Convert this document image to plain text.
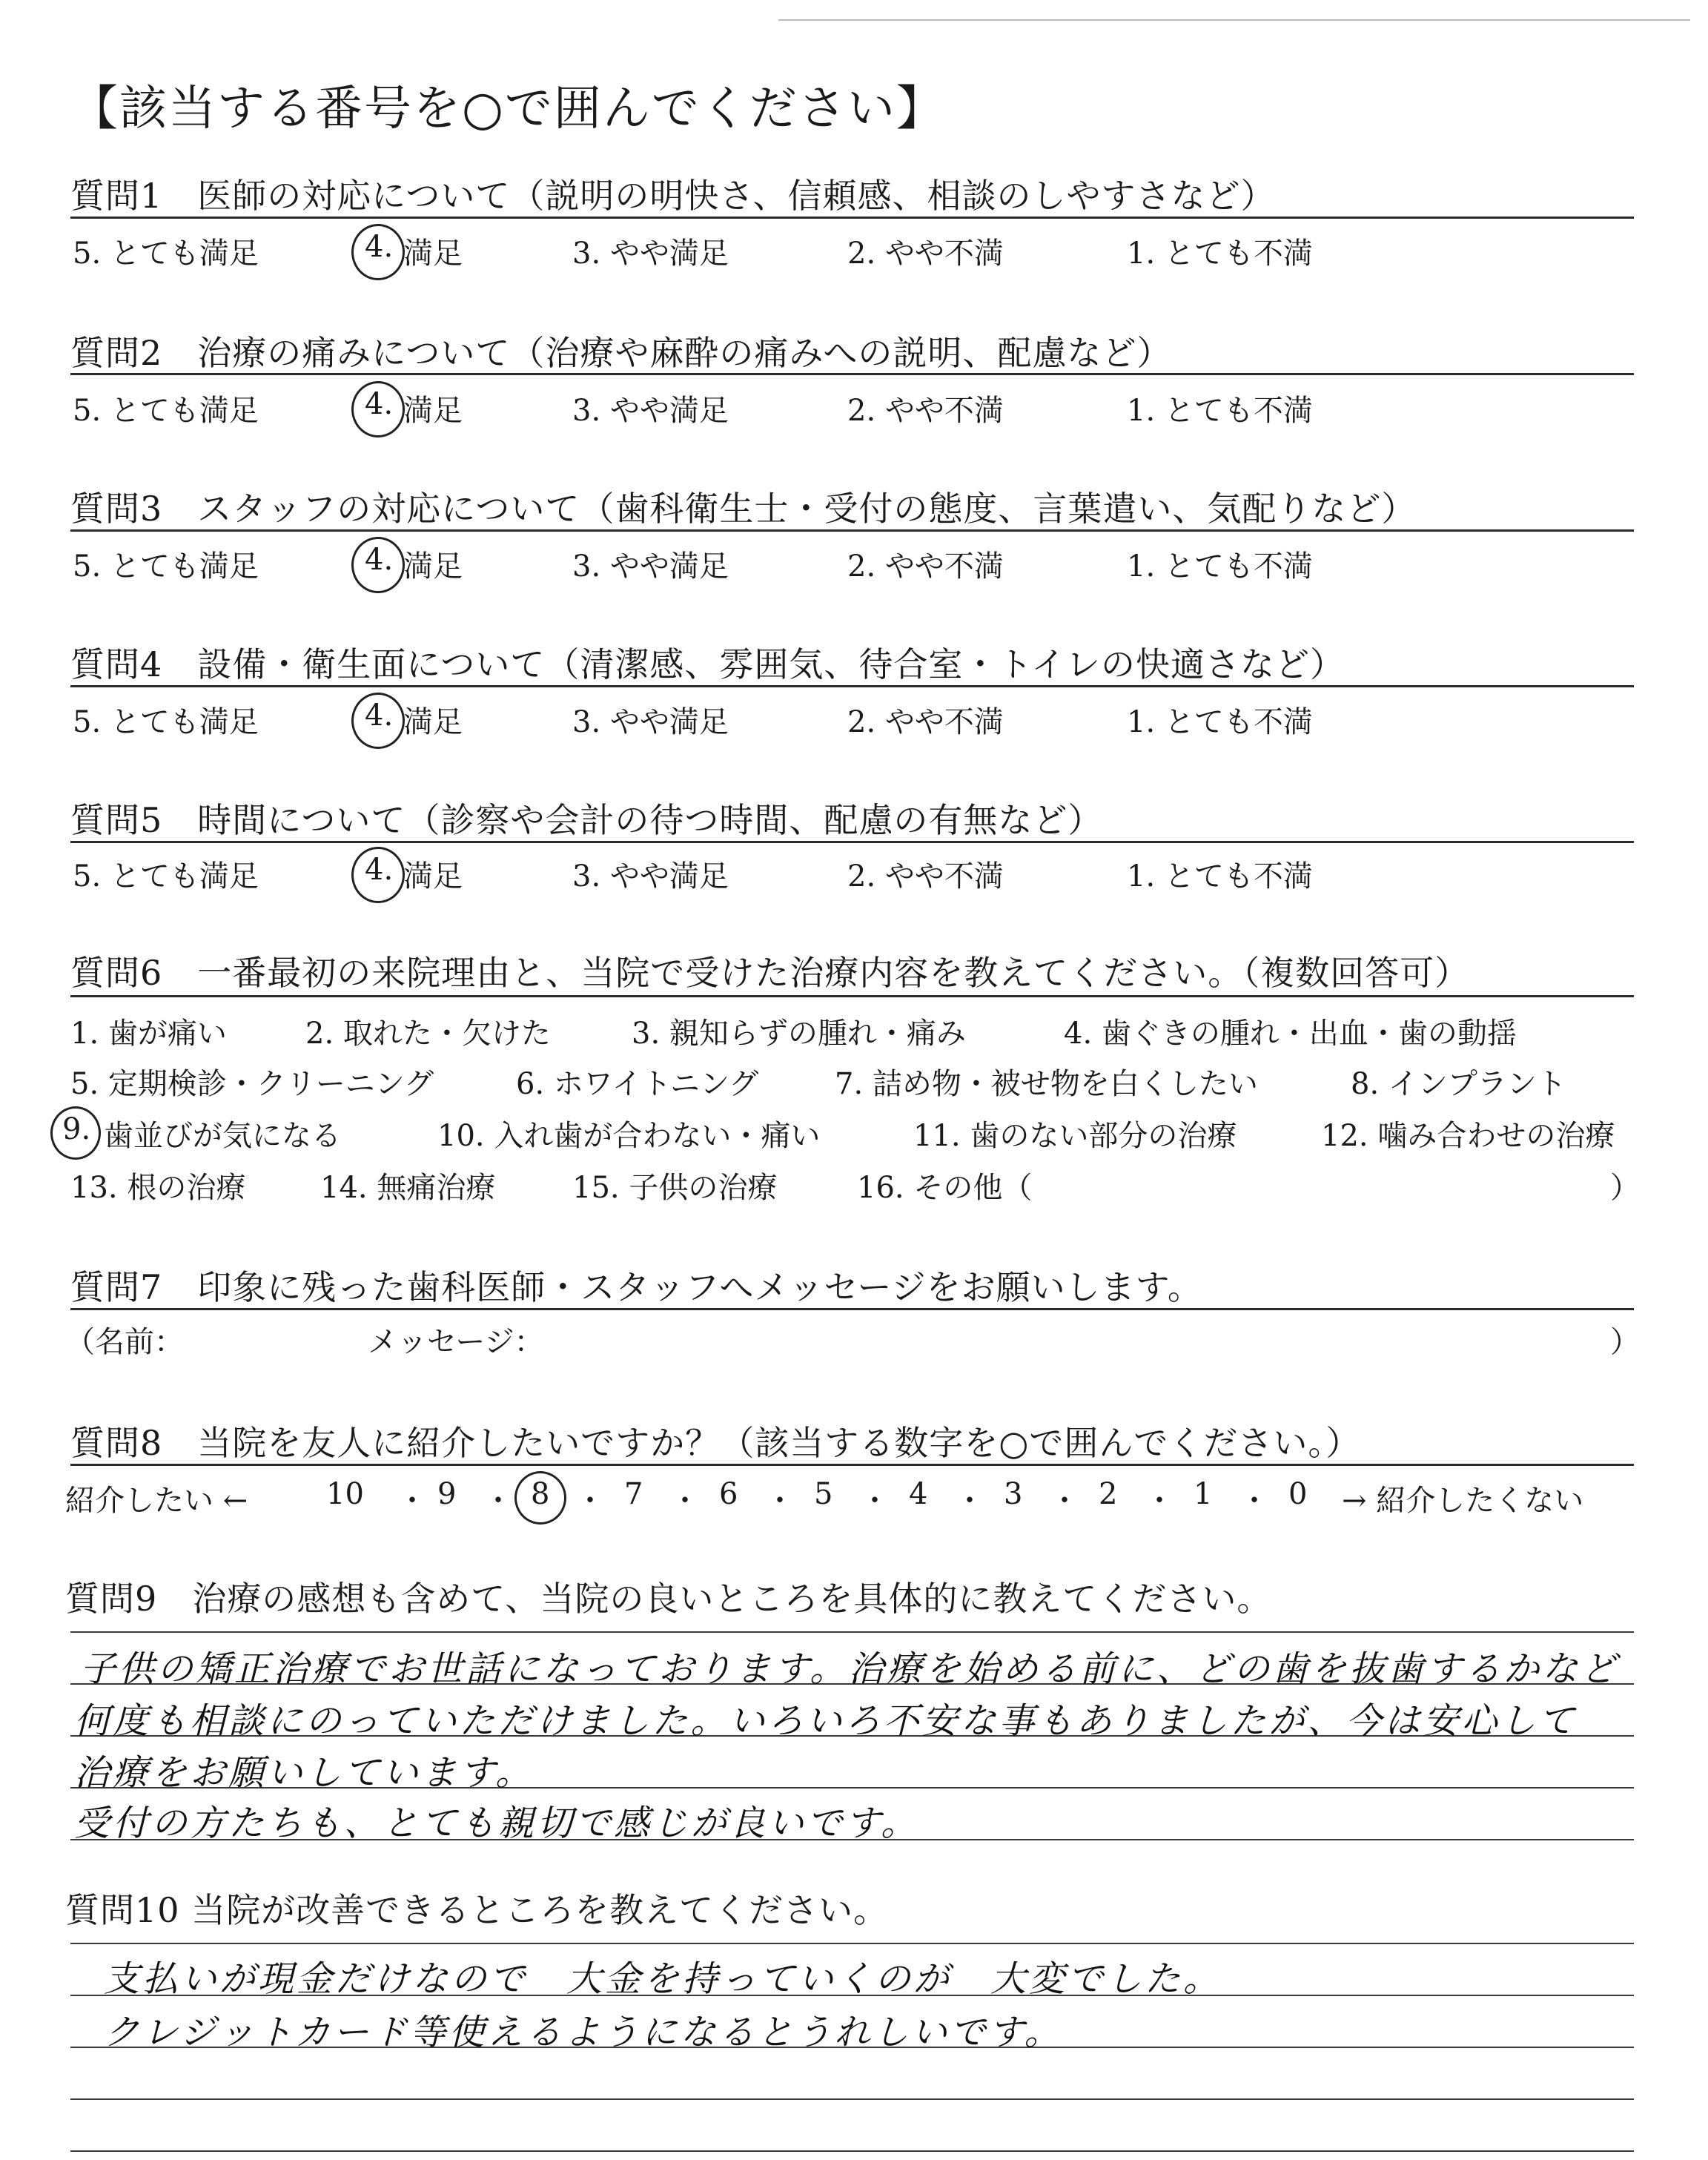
【該当する番号を○で囲んでください】
質問1　医師の対応について（説明の明快さ、信頼感、相談のしやすさなど）
5. とても満足	4. 満足	3. やや満足	2. やや不満	1. とても不満
質問2　治療の痛みについて（治療や麻酔の痛みへの説明、配慮など）
5. とても満足	4. 満足	3. やや満足	2. やや不満	1. とても不満
質問3　スタッフの対応について（歯科衛生士・受付の態度、言葉遣い、気配りなど）
5. とても満足	4. 満足	3. やや満足	2. やや不満	1. とても不満
質問4　設備・衛生面について（清潔感、雰囲気、待合室・トイレの快適さなど）
5. とても満足	4. 満足	3. やや満足	2. やや不満	1. とても不満
質問5　時間について（診察や会計の待つ時間、配慮の有無など）
5. とても満足	4. 満足	3. やや満足	2. やや不満	1. とても不満
質問6　一番最初の来院理由と、当院で受けた治療内容を教えてください。（複数回答可）
1. 歯が痛い	2. 取れた・欠けた	3. 親知らずの腫れ・痛み	4. 歯ぐきの腫れ・出血・歯の動揺
5. 定期検診・クリーニング	6. ホワイトニング	7. 詰め物・被せ物を白くしたい	8. インプラント
9. 歯並びが気になる	10. 入れ歯が合わない・痛い	11. 歯のない部分の治療	12. 噛み合わせの治療
13. 根の治療	14. 無痛治療	15. 子供の治療	16. その他（	）
質問7　印象に残った歯科医師・スタッフへメッセージをお願いします。
（名前：	メッセージ：	）
質問8　当院を友人に紹介したいですか？（該当する数字を○で囲んでください。）
紹介したい ←	10 ・ 9 ・ 8 ・ 7 ・ 6 ・ 5 ・ 4 ・ 3 ・ 2 ・ 1 ・ 0 → 紹介したくない
質問9　治療の感想も含めて、当院の良いところを具体的に教えてください。
子供の矯正治療でお世話になっております。治療を始める前に、どの歯を抜歯するかなど
何度も相談にのっていただけました。いろいろ不安な事もありましたが、今は安心して
治療をお願いしています。
受付の方たちも、とても親切で感じが良いです。
質問10 当院が改善できるところを教えてください。
支払いが現金だけなので　大金を持っていくのが　大変でした。
クレジットカード等使えるようになるとうれしいです。
